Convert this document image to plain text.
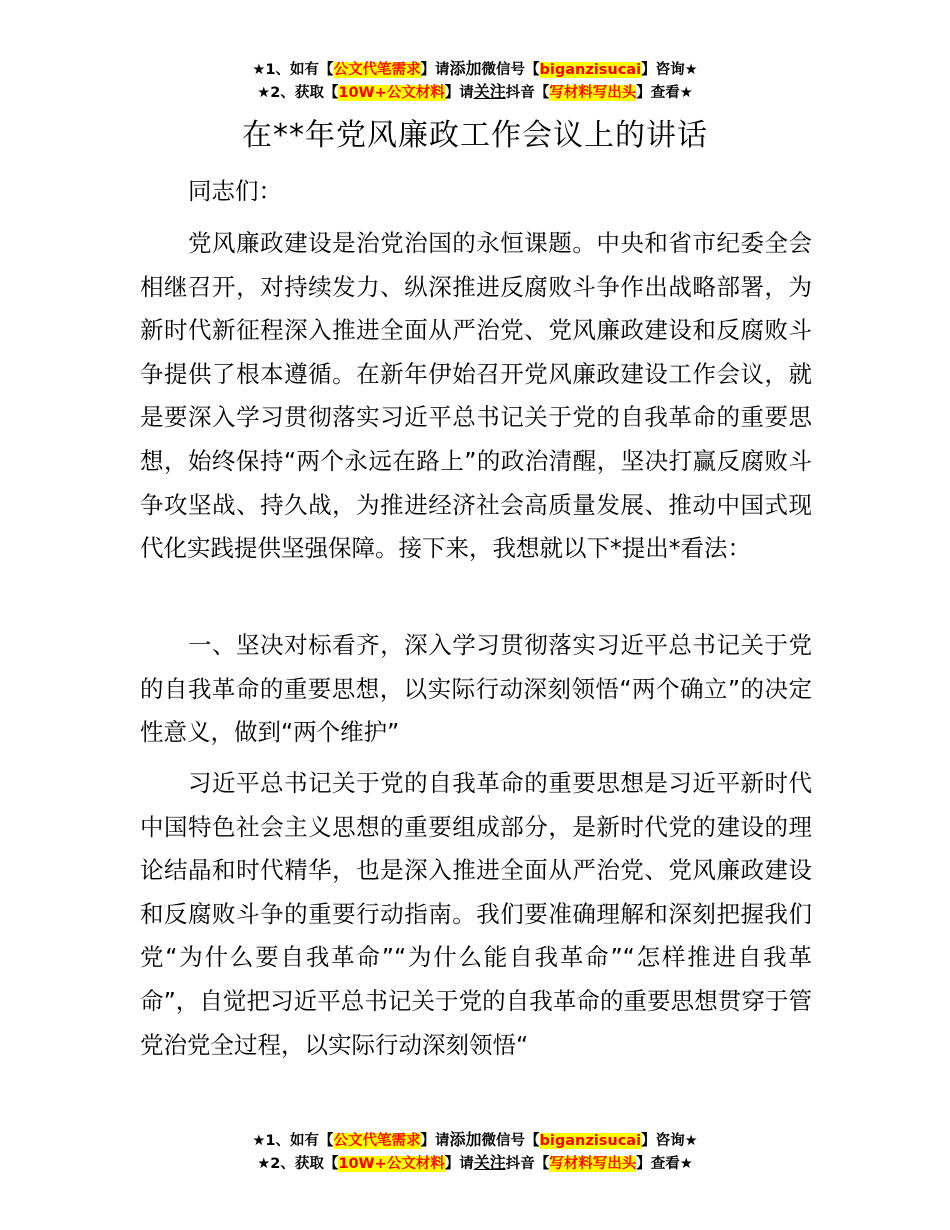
★1、如有【公文代笔需求】请添加微信号【biganzisucai】咨询★
★2、获取【10W+公文材料】请关注抖音【写材料写出头】查看★
在**年党风廉政工作会议上的讲话

同志们：

党风廉政建设是治党治国的永恒课题。中央和省市纪委全会相继召开，对持续发力、纵深推进反腐败斗争作出战略部署，为新时代新征程深入推进全面从严治党、党风廉政建设和反腐败斗争提供了根本遵循。在新年伊始召开党风廉政建设工作会议，就是要深入学习贯彻落实习近平总书记关于党的自我革命的重要思想，始终保持“两个永远在路上”的政治清醒，坚决打赢反腐败斗争攻坚战、持久战，为推进经济社会高质量发展、推动中国式现代化实践提供坚强保障。接下来，我想就以下*提出*看法：

一、坚决对标看齐，深入学习贯彻落实习近平总书记关于党的自我革命的重要思想，以实际行动深刻领悟“两个确立”的决定性意义，做到“两个维护”

习近平总书记关于党的自我革命的重要思想是习近平新时代中国特色社会主义思想的重要组成部分，是新时代党的建设的理论结晶和时代精华，也是深入推进全面从严治党、党风廉政建设和反腐败斗争的重要行动指南。我们要准确理解和深刻把握我们党“为什么要自我革命”“为什么能自我革命”“怎样推进自我革命”，自觉把习近平总书记关于党的自我革命的重要思想贯穿于管党治党全过程，以实际行动深刻领悟“

★1、如有【公文代笔需求】请添加微信号【biganzisucai】咨询★
★2、获取【10W+公文材料】请关注抖音【写材料写出头】查看★
